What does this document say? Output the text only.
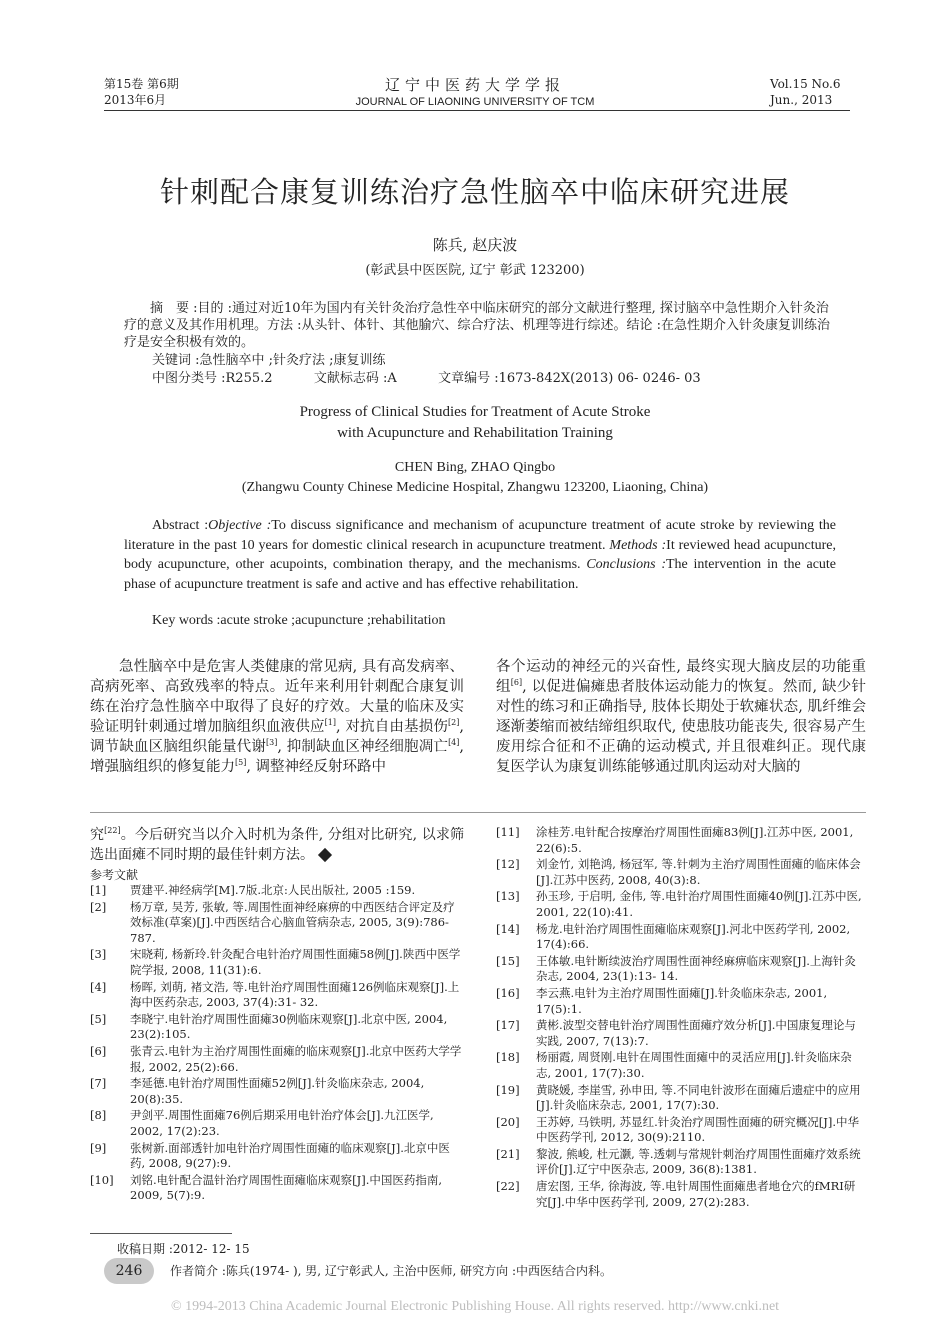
第15卷 第6期
2013年6月
辽宁中医药大学学报
JOURNAL OF LIAONING UNIVERSITY OF TCM
Vol.15 No.6
Jun., 2013
针刺配合康复训练治疗急性脑卒中临床研究进展
陈兵, 赵庆波
(彰武县中医医院, 辽宁 彰武 123200)

摘　要 :目的 :通过对近10年为国内有关针灸治疗急性卒中临床研究的部分文献进行整理, 探讨脑卒中急性期介入针灸治疗的意义及其作用机理。方法 :从头针、体针、其他腧穴、综合疗法、机理等进行综述。结论 :在急性期介入针灸康复训练治疗是安全积极有效的。

关键词 :急性脑卒中 ;针灸疗法 ;康复训练
中图分类号 :R255.2          文献标志码 :A          文章编号 :1673-842X(2013) 06- 0246- 03
Progress of Clinical Studies for Treatment of Acute Stroke
with Acupuncture and Rehabilitation Training
CHEN Bing, ZHAO Qingbo
(Zhangwu County Chinese Medicine Hospital, Zhangwu 123200, Liaoning, China)

Abstract :Objective :To discuss significance and mechanism of acupuncture treatment of acute stroke by reviewing the literature in the past 10 years for domestic clinical research in acupuncture treatment. Methods :It reviewed head acupuncture, body acupuncture, other acupoints, combination therapy, and the mechanisms. Conclusions :The intervention in the acute phase of acupuncture treatment is safe and active and has effective rehabilitation.

Key words :acute stroke ;acupuncture ;rehabilitation

急性脑卒中是危害人类健康的常见病, 具有高发病率、高病死率、高致残率的特点。近年来利用针刺配合康复训练在治疗急性脑卒中取得了良好的疗效。大量的临床及实验证明针刺通过增加脑组织血液供应[1], 对抗自由基损伤[2], 调节缺血区脑组织能量代谢[3], 抑制缺血区神经细胞凋亡[4], 增强脑组织的修复能力[5], 调整神经反射环路中

各个运动的神经元的兴奋性, 最终实现大脑皮层的功能重组[6], 以促进偏瘫患者肢体运动能力的恢复。然而, 缺少针对性的练习和正确指导, 肢体长期处于软瘫状态, 肌纤维会逐渐萎缩而被结缔组织取代, 使患肢功能丧失, 很容易产生废用综合征和不正确的运动模式, 并且很难纠正。现代康复医学认为康复训练能够通过肌肉运动对大脑的

究[22]。今后研究当以介入时机为条件, 分组对比研究, 以求筛选出面瘫不同时期的最佳针刺方法。
参考文献
[1]	贾建平.神经病学[M].7版.北京:人民出版社, 2005 :159.
[2]	杨万章, 吴芳, 张敏, 等.周围性面神经麻痹的中西医结合评定及疗效标准(草案)[J].中西医结合心脑血管病杂志, 2005, 3(9):786- 787.
[3]	宋晓莉, 杨新玲.针灸配合电针治疗周围性面瘫58例[J].陕西中医学院学报, 2008, 11(31):6.
[4]	杨晖, 刘萌, 褚文浩, 等.电针治疗周围性面瘫126例临床观察[J].上海中医药杂志, 2003, 37(4):31- 32.
[5]	李晓宁.电针治疗周围性面瘫30例临床观察[J].北京中医, 2004, 23(2):105.
[6]	张青云.电针为主治疗周围性面瘫的临床观察[J].北京中医药大学学报, 2002, 25(2):66.
[7]	李延德.电针治疗周围性面瘫52例[J].针灸临床杂志, 2004, 20(8):35.
[8]	尹剑平.周围性面瘫76例后期采用电针治疗体会[J].九江医学, 2002, 17(2):23.
[9]	张树新.面部透针加电针治疗周围性面瘫的临床观察[J].北京中医药, 2008, 9(27):9.
[10]	刘铭.电针配合温针治疗周围性面瘫临床观察[J].中国医药指南, 2009, 5(7):9.
[11]	涂桂芳.电针配合按摩治疗周围性面瘫83例[J].江苏中医, 2001, 22(6):5.
[12]	刘金竹, 刘艳鸿, 杨冠军, 等.针刺为主治疗周围性面瘫的临床体会[J].江苏中医药, 2008, 40(3):8.
[13]	孙玉珍, 于启明, 金伟, 等.电针治疗周围性面瘫40例[J].江苏中医, 2001, 22(10):41.
[14]	杨龙.电针治疗周围性面瘫临床观察[J].河北中医药学刊, 2002, 17(4):66.
[15]	王体敏.电针断续波治疗周围性面神经麻痹临床观察[J].上海针灸杂志, 2004, 23(1):13- 14.
[16]	李云燕.电针为主治疗周围性面瘫[J].针灸临床杂志, 2001, 17(5):1.
[17]	黄彬.波型交替电针治疗周围性面瘫疗效分析[J].中国康复理论与实践, 2007, 7(13):7.
[18]	杨丽霞, 周贤刚.电针在周围性面瘫中的灵活应用[J].针灸临床杂志, 2001, 17(7):30.
[19]	黄晓媛, 李崖雪, 孙申田, 等.不同电针波形在面瘫后遗症中的应用[J].针灸临床杂志, 2001, 17(7):30.
[20]	王苏婷, 马铁明, 苏显红.针灸治疗周围性面瘫的研究概况[J].中华中医药学刊, 2012, 30(9):2110.
[21]	黎波, 熊峻, 杜元灏, 等.透刺与常规针刺治疗周围性面瘫疗效系统评价[J].辽宁中医杂志, 2009, 36(8):1381.
[22]	唐宏图, 王华, 徐海波, 等.电针周围性面瘫患者地仓穴的fMRI研究[J].中华中医药学刊, 2009, 27(2):283.
收稿日期 :2012- 12- 15
作者简介 :陈兵(1974- ), 男, 辽宁彰武人, 主治中医师, 研究方向 :中西医结合内科。
246
© 1994-2013 China Academic Journal Electronic Publishing House. All rights reserved. http://www.cnki.net
